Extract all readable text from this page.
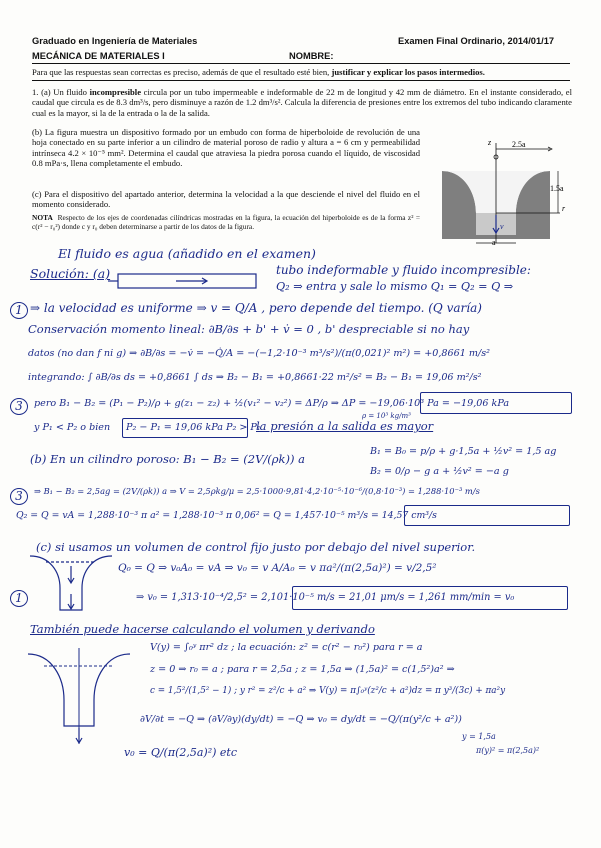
Graduado en Ingeniería de Materiales	Examen Final Ordinario, 2014/01/17
MECÁNICA DE MATERIALES I	NOMBRE:
Para que las respuestas sean correctas es preciso, además de que el resultado esté bien, justificar y explicar los pasos intermedios.
1. (a) Un fluido incompresible circula por un tubo impermeable e indeformable de 22 m de longitud y 42 mm de diámetro. En el instante considerado, el caudal que circula es de 8.3 dm³/s, pero disminuye a razón de 1.2 dm³/s². Calcula la diferencia de presiones entre los extremos del tubo indicando claramente cual es la mayor, si la de la entrada o la de la salida.
(b) La figura muestra un dispositivo formado por un embudo con forma de hiperboloide de revolución de una hoja conectado en su parte inferior a un cilindro de material poroso de radio y altura a = 6 cm y permeabilidad intrínseca 4.2 × 10⁻⁵ mm². Determina el caudal que atraviesa la piedra porosa cuando el líquido, de viscosidad 0.8 mPa·s, llena completamente el embudo.
(c) Para el dispositivo del apartado anterior, determina la velocidad a la que desciende el nivel del fluido en el momento considerado.
NOTA Respecto de los ejes de coordenadas cilíndricas mostradas en la figura, la ecuación del hiperboloide es de la forma z² = c(r² − r₀²) donde c y r₀ deben determinarse a partir de los datos de la figura.
2.5a
1.5a
a
z
r
v
El fluido es agua (añadido en el examen)
Solución: (a)	tubo indeformable y fluido incompresible:
Q₂ ⇒ entra y sale lo mismo Q₁ = Q₂ = Q ⇒
1 ⇒ la velocidad es uniforme ⇒ v = Q/A , pero depende del tiempo. (Q varía)
Conservación momento lineal: ∂B/∂s + b' + v̇ = 0 , b' despreciable si no hay
datos (no dan f ni g) ⇒ ∂B/∂s = −v̇ = −Q̇/A = −(−1,2·10⁻³ m³/s²)/(π(0,021)² m²) = +0,8661 m/s²
integrando: ∫ ∂B/∂s ds = +0,8661 ∫ ds ⇒ B₂ − B₁ = +0,8661·22 m²/s² = B₂ − B₁ = 19,06 m²/s²
3	pero B₁ − B₂ = (P₁ − P₂)/ρ + g(z₁ − z₂) + ½(v₁² − v₂²) = ΔP/ρ ⇒ ΔP = −19,06·10³ Pa = −19,06 kPa
ρ = 10³ kg/m³
y P₁ < P₂ o bien P₂ − P₁ = 19,06 kPa P₂ > P₁
la presión a la salida es mayor
(b) En un cilindro poroso: B₁ − B₂ = (2V/(ρk)) a
B₁ = B₀ = p/ρ + g·1,5a + ½v² = 1,5 ag
B₂ = 0/ρ − g a + ½v² = −a g
3	⇒ B₁ − B₂ = 2,5ag = (2V/(ρk)) a ⇒ V = 2,5ρkg/μ = 2,5·1000·9,81·4,2·10⁻⁵·10⁻⁶/(0,8·10⁻³) = 1,288·10⁻³ m/s
Q₂ = Q = vA = 1,288·10⁻³ π a² = 1,288·10⁻³ π 0,06² = Q = 1,457·10⁻⁵ m³/s = 14,57 cm³/s
(c) si usamos un volumen de control fijo justo por debajo del nivel superior.
Q₀ = Q ⇒ v₀A₀ = vA ⇒ v₀ = v A/A₀ = v πa²/(π(2,5a)²) = v/2,5²
1	⇒ v₀ = 1,313·10⁻⁴/2,5² = 2,101·10⁻⁵ m/s = 21,01 μm/s = 1,261 mm/min = v₀
También puede hacerse calculando el volumen y derivando
V(y) = ∫₀ʸ πr² dz ; la ecuación: z² = c(r² − r₀²) para r = a
z = 0 ⇒ r₀ = a ; para r = 2,5a ; z = 1,5a ⇒ (1,5a)² = c(1,5²)a² ⇒
c = 1,5²/(1,5² − 1) ; y r² = z²/c + a² ⇒ V(y) = π∫₀ʸ(z²/c + a²)dz = π y³/(3c) + πa²y
∂V/∂t = −Q ⇒ (∂V/∂y)(dy/dt) = −Q ⇒ v₀ = dy/dt = −Q/(π(y²/c + a²))
y = 1,5a
v₀ = Q/(π(2,5a)²) etc	π(y)² = π(2,5a)²
